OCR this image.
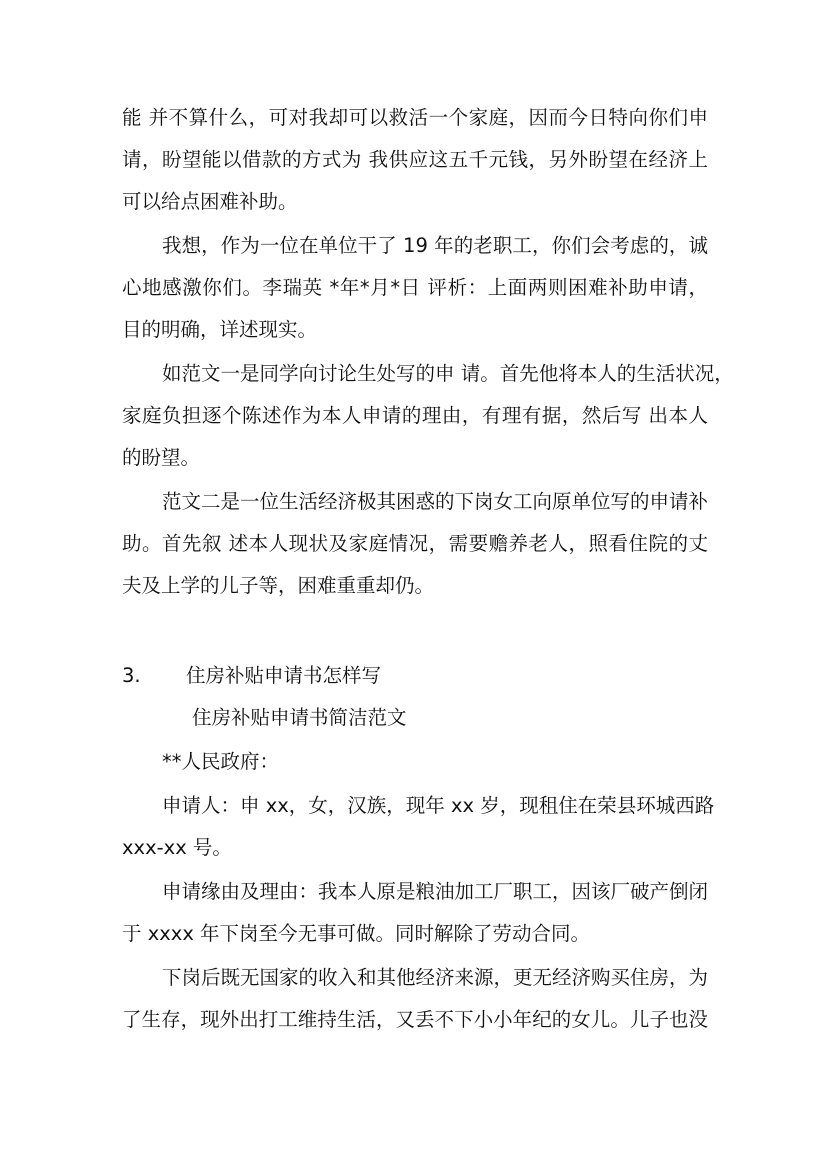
能 并不算什么，可对我却可以救活一个家庭，因而今日特向你们申
请，盼望能以借款的方式为 我供应这五千元钱，另外盼望在经济上
可以给点困难补助。
我想，作为一位在单位干了 19 年的老职工，你们会考虑的，诚
心地感激你们。李瑞英 *年*月*日 评析：上面两则困难补助申请，
目的明确，详述现实。
如范文一是同学向讨论生处写的申 请。首先他将本人的生活状况，
家庭负担逐个陈述作为本人申请的理由，有理有据，然后写 出本人
的盼望。
范文二是一位生活经济极其困惑的下岗女工向原单位写的申请补
助。首先叙 述本人现状及家庭情况，需要赡养老人，照看住院的丈
夫及上学的儿子等，困难重重却仍。
3. 住房补贴申请书怎样写
住房补贴申请书简洁范文
**人民政府：
申请人：申 xx，女，汉族，现年 xx 岁，现租住在荣县环城西路
xxx-xx 号。
申请缘由及理由：我本人原是粮油加工厂职工，因该厂破产倒闭
于 xxxx 年下岗至今无事可做。同时解除了劳动合同。
下岗后既无国家的收入和其他经济来源，更无经济购买住房，为
了生存，现外出打工维持生活，又丢不下小小年纪的女儿。儿子也没
